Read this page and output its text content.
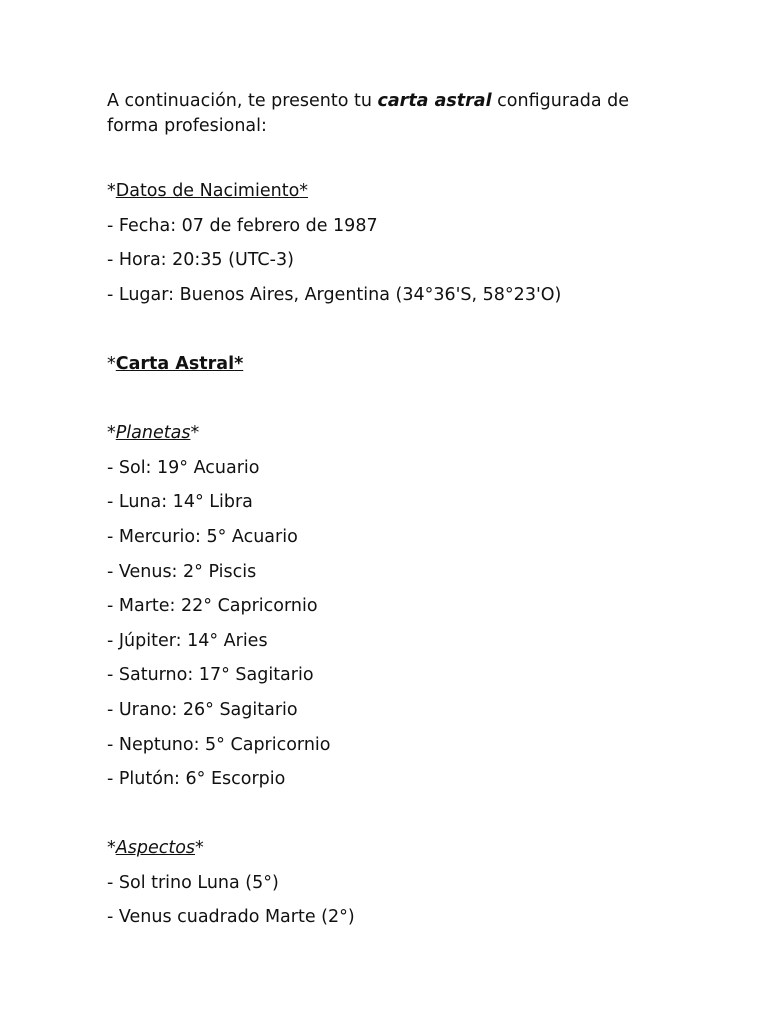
A continuación, te presento tu carta astral configurada de forma profesional:

*Datos de Nacimiento*

- Fecha: 07 de febrero de 1987

- Hora: 20:35 (UTC-3)

- Lugar: Buenos Aires, Argentina (34°36'S, 58°23'O)

*Carta Astral*

*Planetas*

- Sol: 19° Acuario

- Luna: 14° Libra

- Mercurio: 5° Acuario

- Venus: 2° Piscis

- Marte: 22° Capricornio

- Júpiter: 14° Aries

- Saturno: 17° Sagitario

- Urano: 26° Sagitario

- Neptuno: 5° Capricornio

- Plutón: 6° Escorpio

*Aspectos*

- Sol trino Luna (5°)

- Venus cuadrado Marte (2°)
